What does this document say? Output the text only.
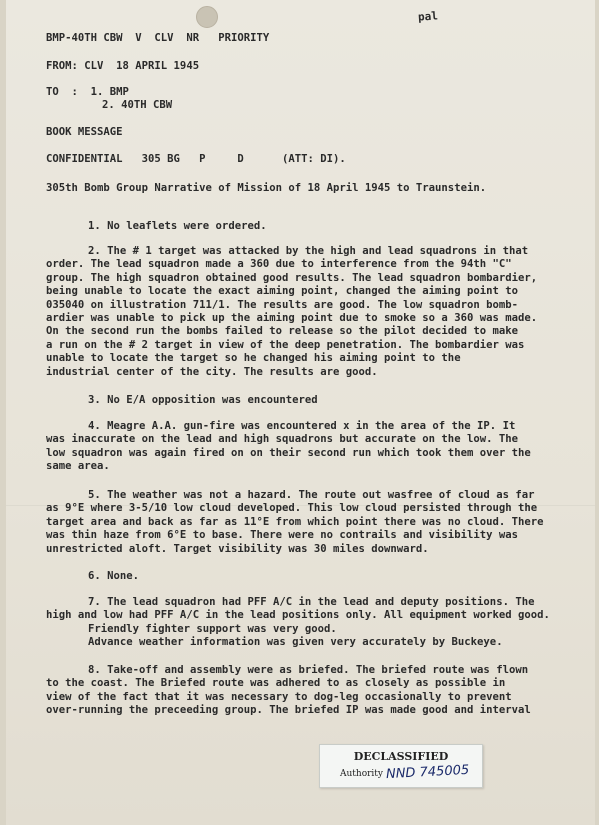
pal
BMP-40TH CBW  V  CLV  NR   PRIORITY
FROM: CLV  18 APRIL 1945
TO  :  1. BMP
2. 40TH CBW
BOOK MESSAGE
CONFIDENTIAL   305 BG   P     D      (ATT: DI).
305th Bomb Group Narrative of Mission of 18 April 1945 to Traunstein.
1. No leaflets were ordered.

2. The # 1 target was attacked by the high and lead squadrons in that

order. The lead squadron made a 360 due to interference from the 94th "C"

group. The high squadron obtained good results. The lead squadron bombardier,

being unable to locate the exact aiming point, changed the aiming point to

035040 on illustration 711/1. The results are good. The low squadron bomb-

ardier was unable to pick up the aiming point due to smoke so a 360 was made.

On the second run the bombs failed to release so the pilot decided to make

a run on the # 2 target in view of the deep penetration. The bombardier was

unable to locate the target so he changed his aiming point to the

industrial center of the city. The results are good.

3. No E/A opposition was encountered

4. Meagre A.A. gun-fire was encountered x in the area of the IP. It

was inaccurate on the lead and high squadrons but accurate on the low. The

low squadron was again fired on on their second run which took them over the

same area.

5. The weather was not a hazard. The route out wasfree of cloud as far

as 9°E where 3-5/10 low cloud developed. This low cloud persisted through the

target area and back as far as 11°E from which point there was no cloud. There

was thin haze from 6°E to base. There were no contrails and visibility was

unrestricted aloft. Target visibility was 30 miles downward.

6. None.

7. The lead squadron had PFF A/C in the lead and deputy positions. The

high and low had PFF A/C in the lead positions only. All equipment worked good.

Friendly fighter support was very good.

Advance weather information was given very accurately by Buckeye.

8. Take-off and assembly were as briefed. The briefed route was flown

to the coast. The Briefed route was adhered to as closely as possible in

view of the fact that it was necessary to dog-leg occasionally to prevent

over-running the preceeding group. The briefed IP was made good and interval

DECLASSIFIED
Authority NND 745005
